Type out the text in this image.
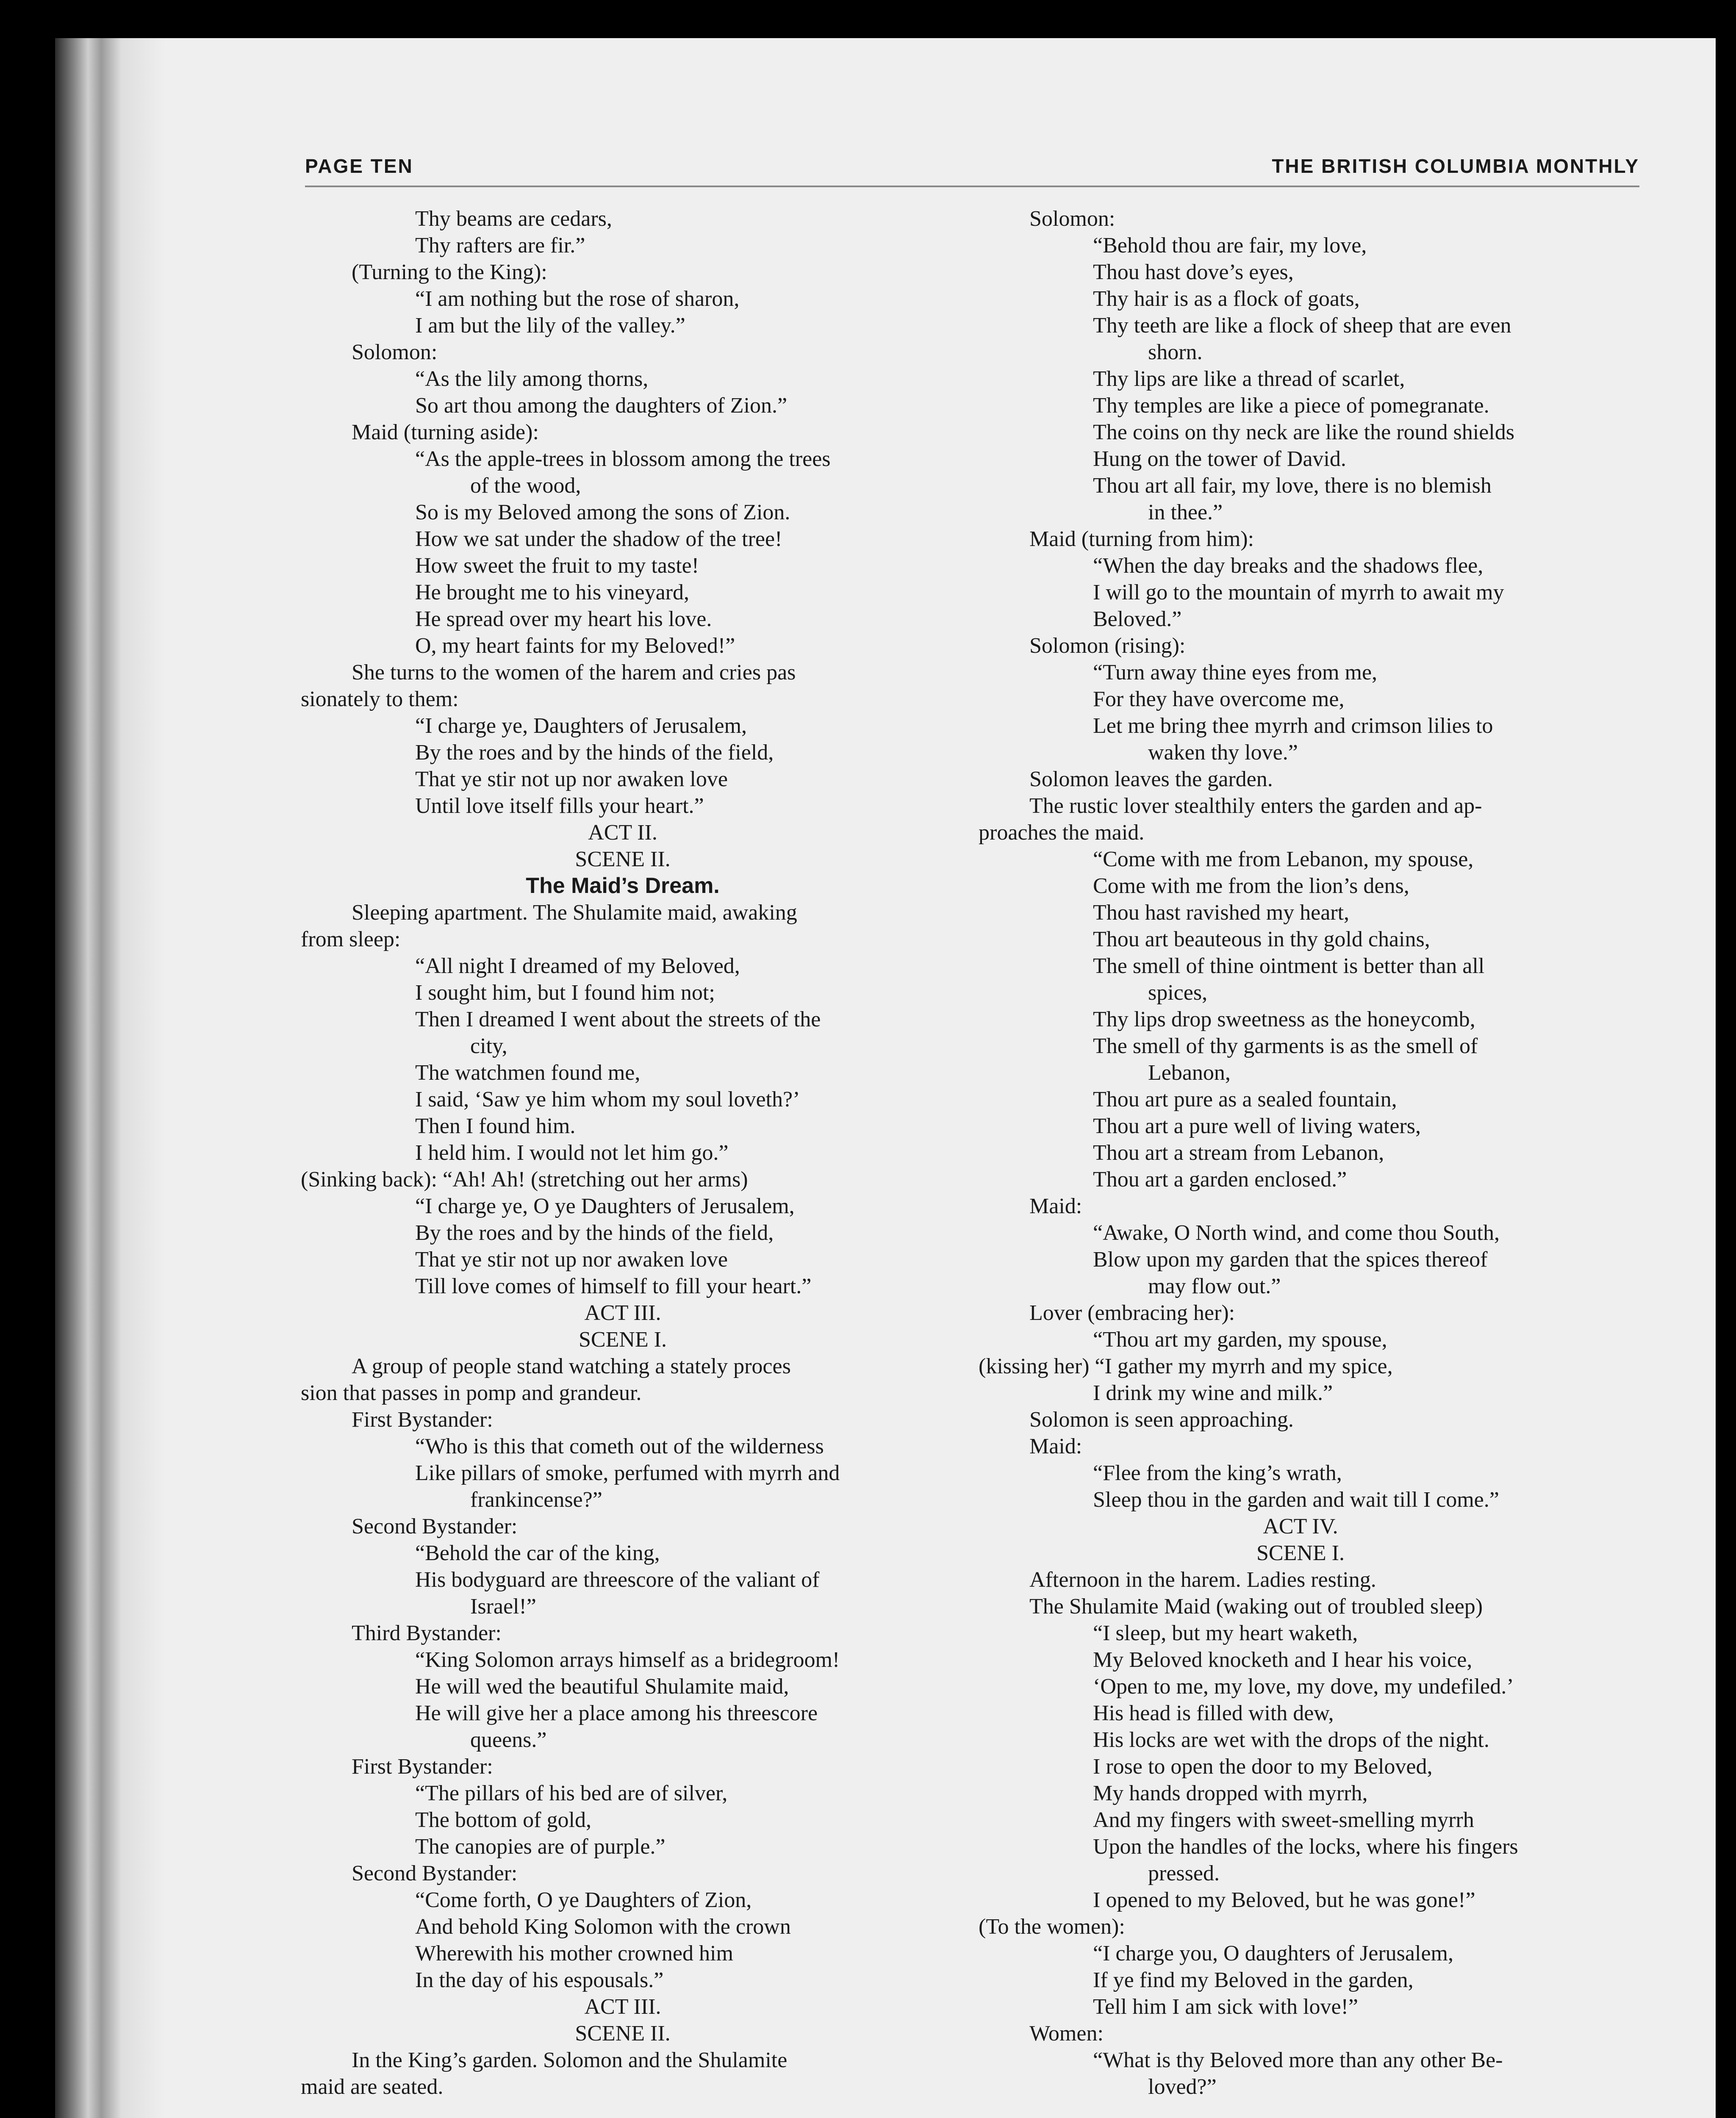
PAGE TEN	THE BRITISH COLUMBIA MONTHLY
Thy beams are cedars,
Thy rafters are fir.”
(Turning to the King):
“I am nothing but the rose of sharon,
I am but the lily of the valley.”
Solomon:
“As the lily among thorns,
So art thou among the daughters of Zion.”
Maid (turning aside):
“As the apple-trees in blossom among the trees
of the wood,
So is my Beloved among the sons of Zion.
How we sat under the shadow of the tree!
How sweet the fruit to my taste!
He brought me to his vineyard,
He spread over my heart his love.
O, my heart faints for my Beloved!”
She turns to the women of the harem and cries pas
sionately to them:
“I charge ye, Daughters of Jerusalem,
By the roes and by the hinds of the field,
That ye stir not up nor awaken love
Until love itself fills your heart.”
ACT II.
SCENE II.
The Maid’s Dream.
Sleeping apartment. The Shulamite maid, awaking
from sleep:
“All night I dreamed of my Beloved,
I sought him, but I found him not;
Then I dreamed I went about the streets of the
city,
The watchmen found me,
I said, ‘Saw ye him whom my soul loveth?’
Then I found him.
I held him. I would not let him go.”
(Sinking back): “Ah! Ah! (stretching out her arms)
“I charge ye, O ye Daughters of Jerusalem,
By the roes and by the hinds of the field,
That ye stir not up nor awaken love
Till love comes of himself to fill your heart.”
ACT III.
SCENE I.
A group of people stand watching a stately proces
sion that passes in pomp and grandeur.
First Bystander:
“Who is this that cometh out of the wilderness
Like pillars of smoke, perfumed with myrrh and
frankincense?”
Second Bystander:
“Behold the car of the king,
His bodyguard are threescore of the valiant of
Israel!”
Third Bystander:
“King Solomon arrays himself as a bridegroom!
He will wed the beautiful Shulamite maid,
He will give her a place among his threescore
queens.”
First Bystander:
“The pillars of his bed are of silver,
The bottom of gold,
The canopies are of purple.”
Second Bystander:
“Come forth, O ye Daughters of Zion,
And behold King Solomon with the crown
Wherewith his mother crowned him
In the day of his espousals.”
ACT III.
SCENE II.
In the King’s garden. Solomon and the Shulamite
maid are seated.
Solomon:
“Behold thou are fair, my love,
Thou hast dove’s eyes,
Thy hair is as a flock of goats,
Thy teeth are like a flock of sheep that are even
shorn.
Thy lips are like a thread of scarlet,
Thy temples are like a piece of pomegranate.
The coins on thy neck are like the round shields
Hung on the tower of David.
Thou art all fair, my love, there is no blemish
in thee.”
Maid (turning from him):
“When the day breaks and the shadows flee,
I will go to the mountain of myrrh to await my
Beloved.”
Solomon (rising):
“Turn away thine eyes from me,
For they have overcome me,
Let me bring thee myrrh and crimson lilies to
waken thy love.”
Solomon leaves the garden.
The rustic lover stealthily enters the garden and ap-
proaches the maid.
“Come with me from Lebanon, my spouse,
Come with me from the lion’s dens,
Thou hast ravished my heart,
Thou art beauteous in thy gold chains,
The smell of thine ointment is better than all
spices,
Thy lips drop sweetness as the honeycomb,
The smell of thy garments is as the smell of
Lebanon,
Thou art pure as a sealed fountain,
Thou art a pure well of living waters,
Thou art a stream from Lebanon,
Thou art a garden enclosed.”
Maid:
“Awake, O North wind, and come thou South,
Blow upon my garden that the spices thereof
may flow out.”
Lover (embracing her):
“Thou art my garden, my spouse,
(kissing her) “I gather my myrrh and my spice,
I drink my wine and milk.”
Solomon is seen approaching.
Maid:
“Flee from the king’s wrath,
Sleep thou in the garden and wait till I come.”
ACT IV.
SCENE I.
Afternoon in the harem. Ladies resting.
The Shulamite Maid (waking out of troubled sleep)
“I sleep, but my heart waketh,
My Beloved knocketh and I hear his voice,
‘Open to me, my love, my dove, my undefiled.’
His head is filled with dew,
His locks are wet with the drops of the night.
I rose to open the door to my Beloved,
My hands dropped with myrrh,
And my fingers with sweet-smelling myrrh
Upon the handles of the locks, where his fingers
pressed.
I opened to my Beloved, but he was gone!”
(To the women):
“I charge you, O daughters of Jerusalem,
If ye find my Beloved in the garden,
Tell him I am sick with love!”
Women:
“What is thy Beloved more than any other Be-
loved?”
